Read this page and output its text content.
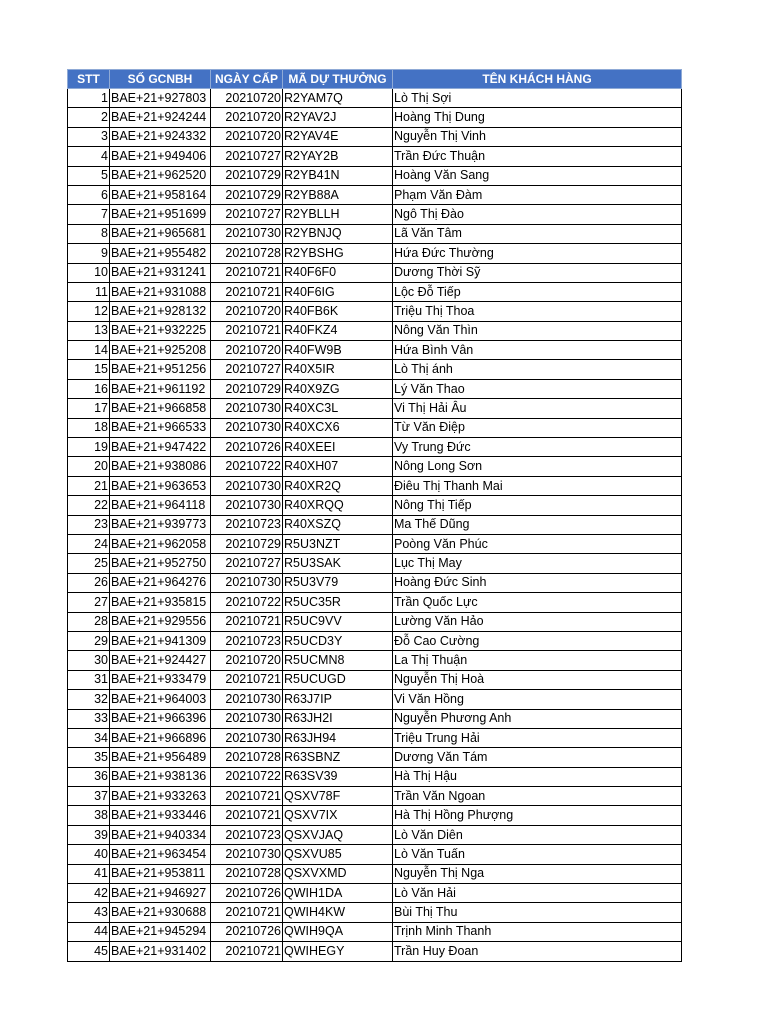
STT	SỐ GCNBH	NGÀY CẤP	MÃ DỰ THƯỞNG	TÊN KHÁCH HÀNG
1	BAE+21+927803	20210720	R2YAM7Q	Lò Thị Sợi
2	BAE+21+924244	20210720	R2YAV2J	Hoàng Thị Dung
3	BAE+21+924332	20210720	R2YAV4E	Nguyễn Thị Vinh
4	BAE+21+949406	20210727	R2YAY2B	Trần Đức Thuận
5	BAE+21+962520	20210729	R2YB41N	Hoàng Văn Sang
6	BAE+21+958164	20210729	R2YB88A	Phạm Văn Đàm
7	BAE+21+951699	20210727	R2YBLLH	Ngô Thị Đào
8	BAE+21+965681	20210730	R2YBNJQ	Lã Văn Tâm
9	BAE+21+955482	20210728	R2YBSHG	Hứa Đức Thường
10	BAE+21+931241	20210721	R40F6F0	Dương Thời Sỹ
11	BAE+21+931088	20210721	R40F6IG	Lộc Đỗ Tiếp
12	BAE+21+928132	20210720	R40FB6K	Triệu Thị Thoa
13	BAE+21+932225	20210721	R40FKZ4	Nông Văn Thìn
14	BAE+21+925208	20210720	R40FW9B	Hứa Bình Vân
15	BAE+21+951256	20210727	R40X5IR	Lò Thị ánh
16	BAE+21+961192	20210729	R40X9ZG	Lý Văn Thao
17	BAE+21+966858	20210730	R40XC3L	Vi Thị Hải Âu
18	BAE+21+966533	20210730	R40XCX6	Từ Văn Điệp
19	BAE+21+947422	20210726	R40XEEI	Vy Trung Đức
20	BAE+21+938086	20210722	R40XH07	Nông Long Sơn
21	BAE+21+963653	20210730	R40XR2Q	Điêu Thị Thanh Mai
22	BAE+21+964118	20210730	R40XRQQ	Nông Thị Tiếp
23	BAE+21+939773	20210723	R40XSZQ	Ma Thế Dũng
24	BAE+21+962058	20210729	R5U3NZT	Poòng Văn Phúc
25	BAE+21+952750	20210727	R5U3SAK	Lục Thị May
26	BAE+21+964276	20210730	R5U3V79	Hoàng Đức Sinh
27	BAE+21+935815	20210722	R5UC35R	Trần Quốc Lực
28	BAE+21+929556	20210721	R5UC9VV	Lường Văn Hảo
29	BAE+21+941309	20210723	R5UCD3Y	Đỗ Cao Cường
30	BAE+21+924427	20210720	R5UCMN8	La Thị Thuận
31	BAE+21+933479	20210721	R5UCUGD	Nguyễn Thị Hoà
32	BAE+21+964003	20210730	R63J7IP	Vi Văn Hồng
33	BAE+21+966396	20210730	R63JH2I	Nguyễn Phương Anh
34	BAE+21+966896	20210730	R63JH94	Triệu Trung Hải
35	BAE+21+956489	20210728	R63SBNZ	Dương Văn Tám
36	BAE+21+938136	20210722	R63SV39	Hà Thị Hậu
37	BAE+21+933263	20210721	QSXV78F	Trần Văn Ngoan
38	BAE+21+933446	20210721	QSXV7IX	Hà Thị Hồng Phượng
39	BAE+21+940334	20210723	QSXVJAQ	Lò Văn Diên
40	BAE+21+963454	20210730	QSXVU85	Lò Văn Tuấn
41	BAE+21+953811	20210728	QSXVXMD	Nguyễn Thị Nga
42	BAE+21+946927	20210726	QWIH1DA	Lò Văn Hải
43	BAE+21+930688	20210721	QWIH4KW	Bùi Thị Thu
44	BAE+21+945294	20210726	QWIH9QA	Trịnh Minh Thanh
45	BAE+21+931402	20210721	QWIHEGY	Trần Huy Đoan
